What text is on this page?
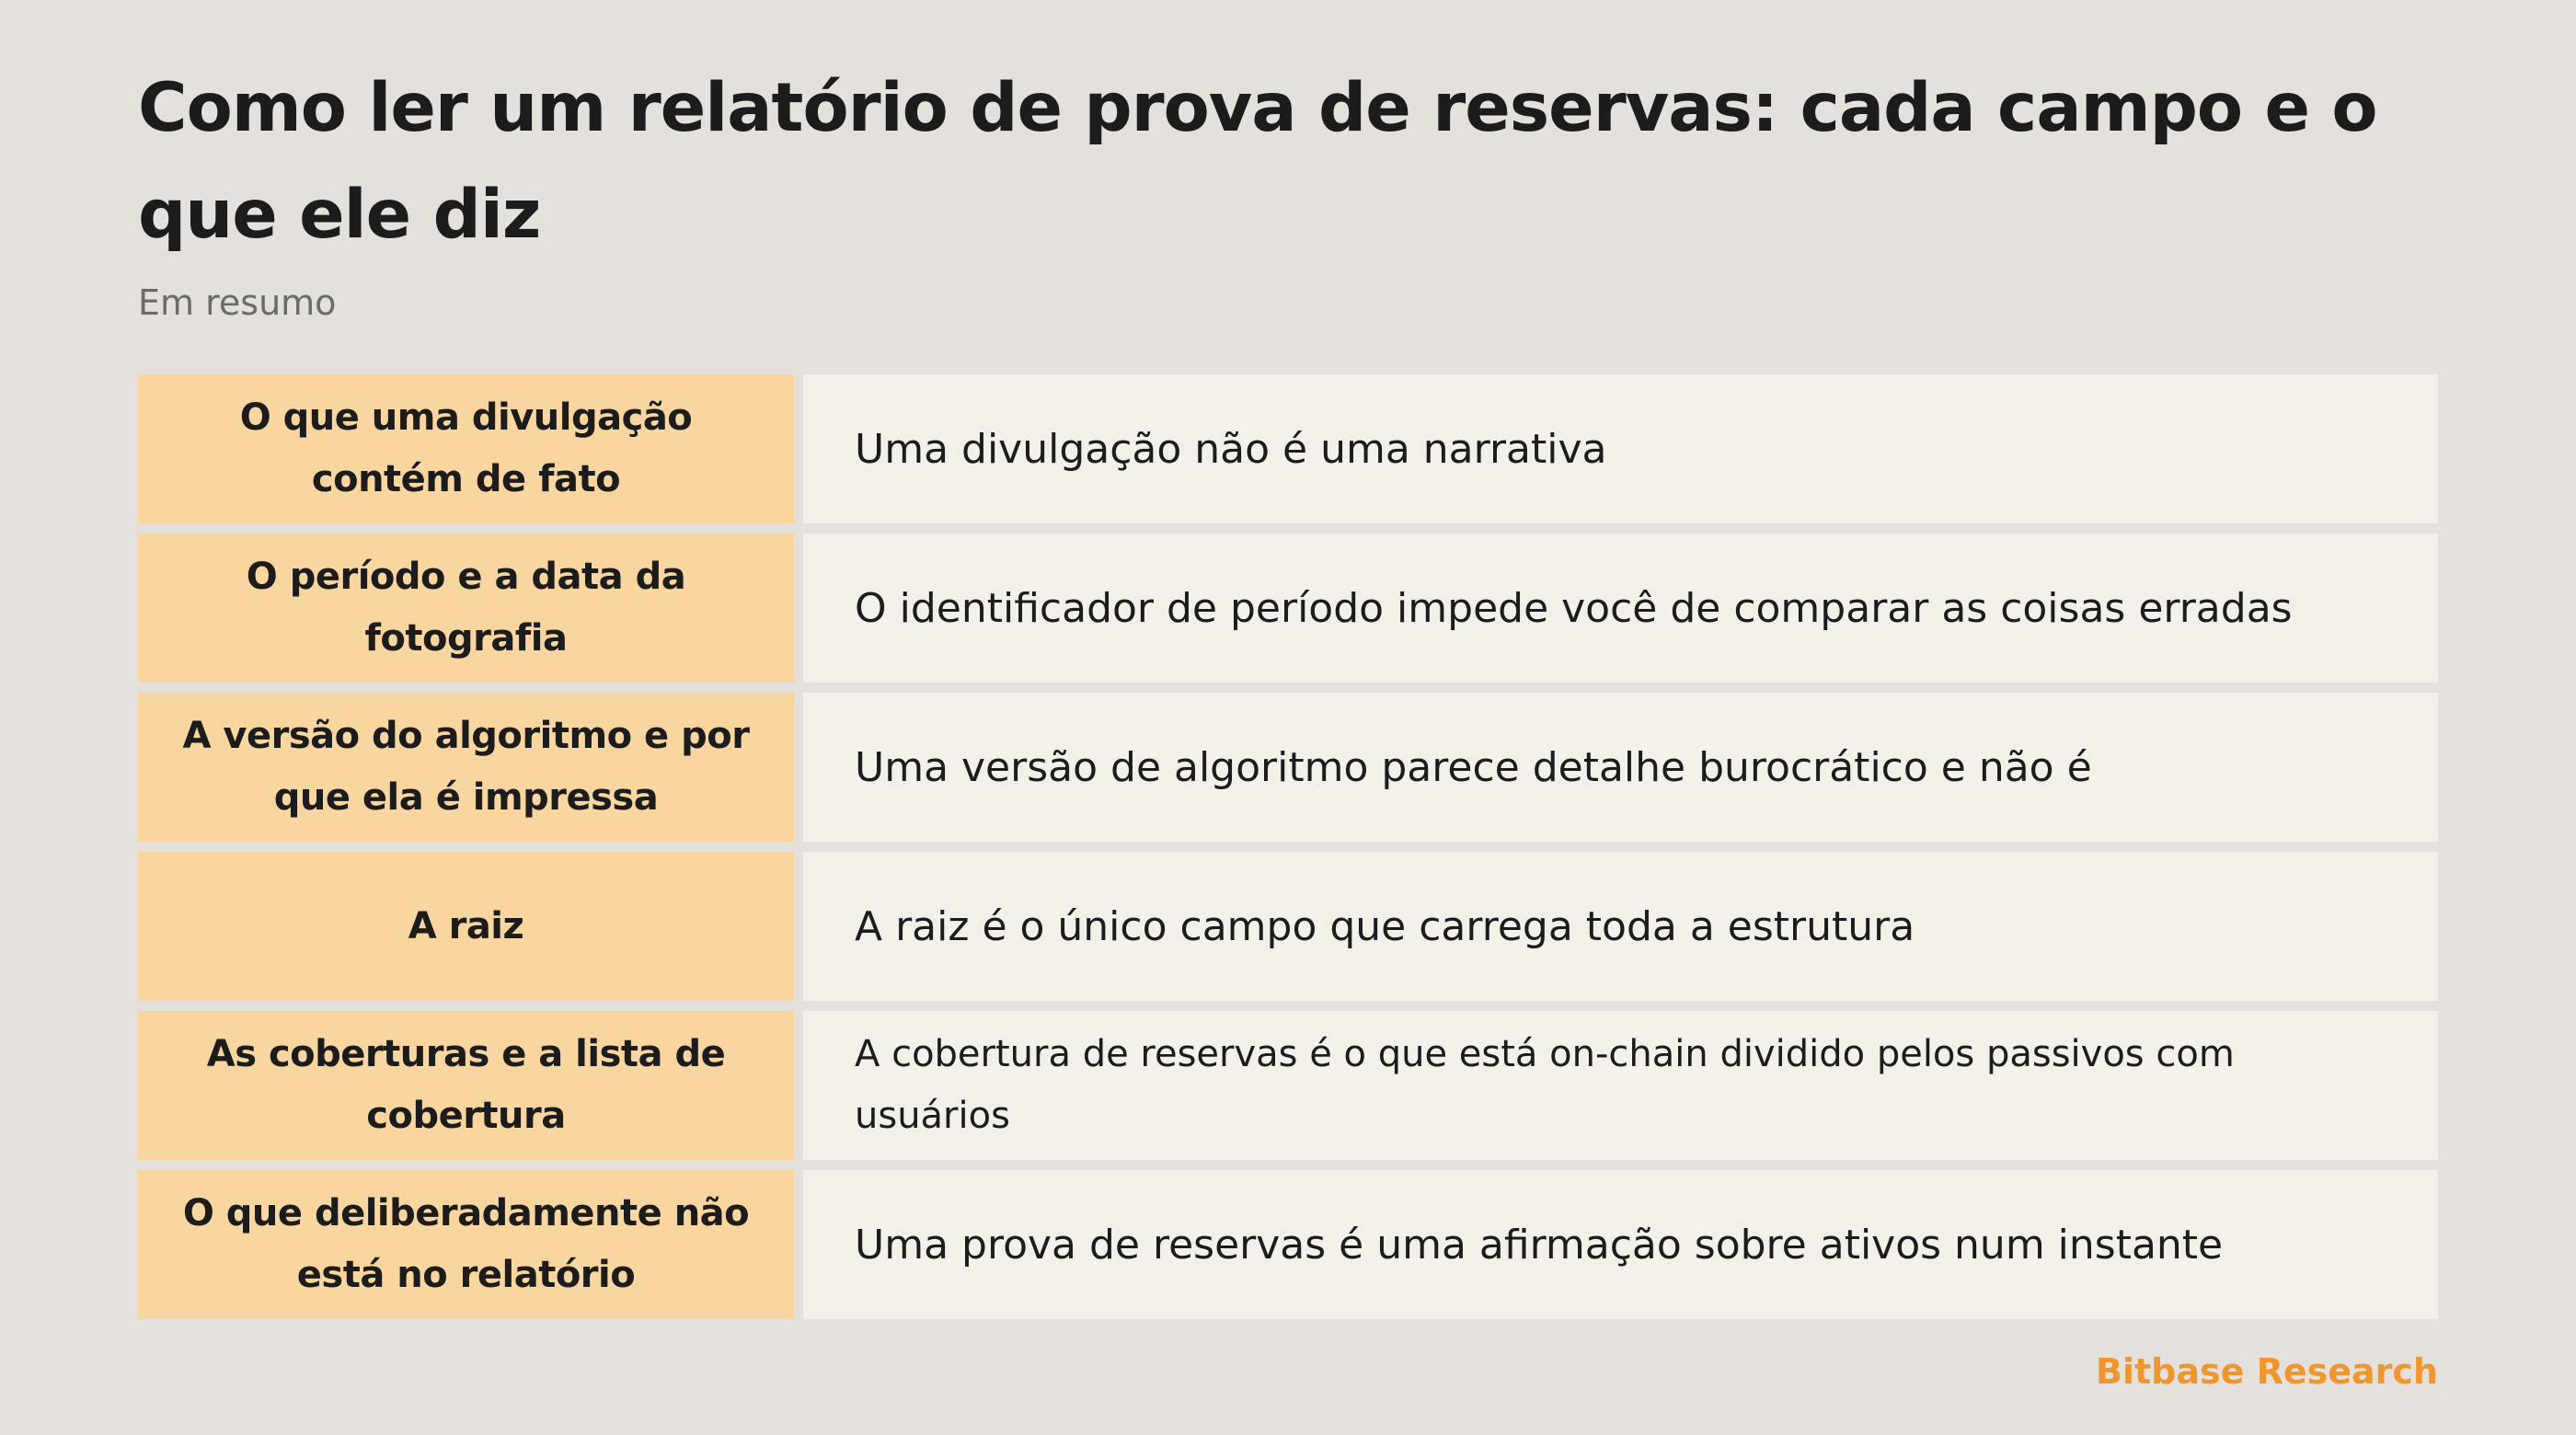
Como ler um relatório de prova de reservas: cada campo e o que ele diz
Em resumo
O que uma divulgação contém de fato
Uma divulgação não é uma narrativa
O período e a data da fotografia
O identificador de período impede você de comparar as coisas erradas
A versão do algoritmo e por que ela é impressa
Uma versão de algoritmo parece detalhe burocrático e não é
A raiz	A raiz é o único campo que carrega toda a estrutura
As coberturas e a lista de cobertura
A cobertura de reservas é o que está on-chain dividido pelos passivos com usuários
O que deliberadamente não está no relatório
Uma prova de reservas é uma afirmação sobre ativos num instante
Bitbase Research
